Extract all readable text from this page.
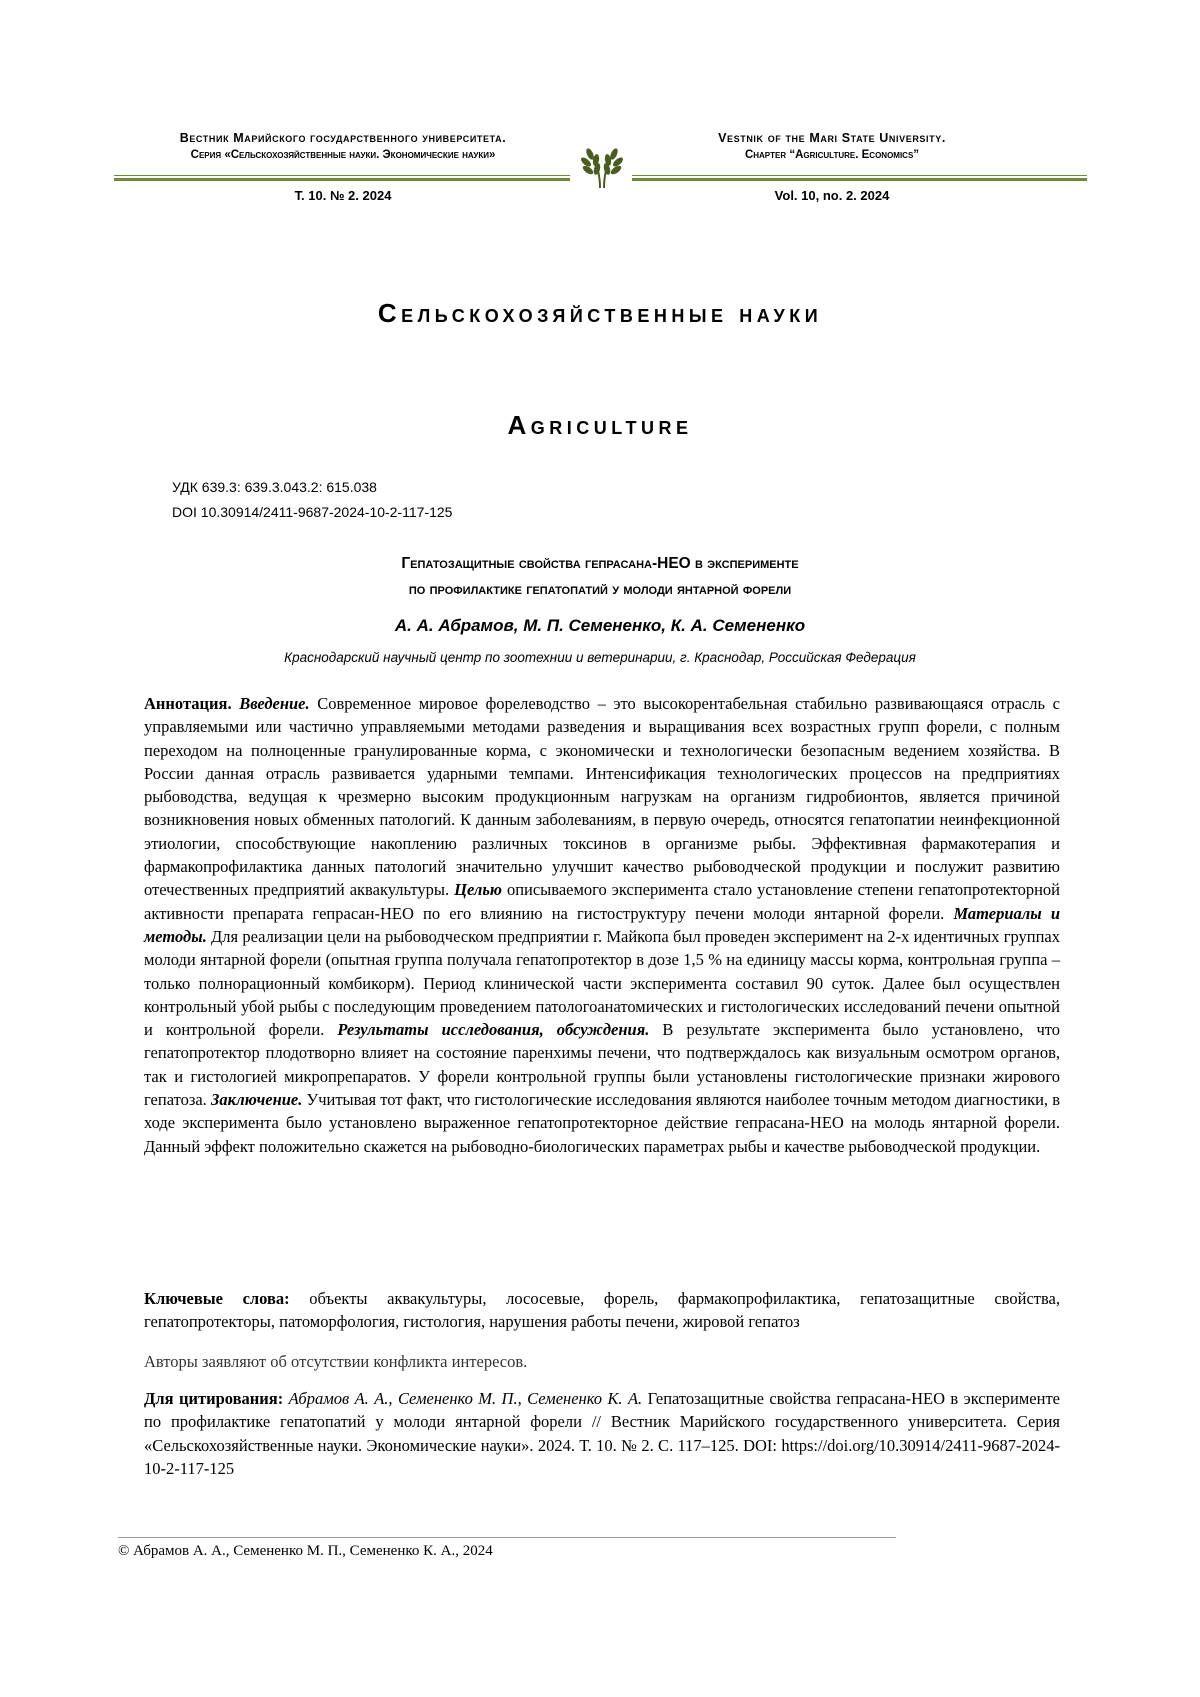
Вестник Марийского государственного университета.
Серия «Сельскохозяйственные науки. Экономические науки»
Vestnik of the Mari State University.
Chapter “Agriculture. Economics”
Т. 10. № 2. 2024	Vol. 10, no. 2. 2024
Сельскохозяйственные науки
Agriculture
УДК 639.3: 639.3.043.2: 615.038
DOI 10.30914/2411-9687-2024-10-2-117-125
Гепатозащитные свойства гепрасана-НЕО в эксперименте
по профилактике гепатопатий у молоди янтарной форели
А. А. Абрамов, М. П. Семененко, К. А. Семененко
Краснодарский научный центр по зоотехнии и ветеринарии, г. Краснодар, Российская Федерация
Аннотация. Введение. Современное мировое форелеводство – это высокорентабельная стабильно развивающаяся отрасль с управляемыми или частично управляемыми методами разведения и выращивания всех возрастных групп форели, с полным переходом на полноценные гранулированные корма, с экономически и технологически безопасным ведением хозяйства. В России данная отрасль развивается ударными темпами. Интенсификация технологических процессов на предприятиях рыбоводства, ведущая к чрезмерно высоким продукционным нагрузкам на организм гидробионтов, является причиной возникновения новых обменных патологий. К данным заболеваниям, в первую очередь, относятся гепатопатии неинфекционной этиологии, способствующие накоплению различных токсинов в организме рыбы. Эффективная фармакотерапия и фармакопрофилактика данных патологий значительно улучшит качество рыбоводческой продукции и послужит развитию отечественных предприятий аквакультуры. Целью описываемого эксперимента стало установление степени гепатопротекторной активности препарата гепрасан-НЕО по его влиянию на гистоструктуру печени молоди янтарной форели. Материалы и методы. Для реализации цели на рыбоводческом предприятии г. Майкопа был проведен эксперимент на 2-х идентичных группах молоди янтарной форели (опытная группа получала гепатопротектор в дозе 1,5 % на единицу массы корма, контрольная группа – только полнорационный комбикорм). Период клинической части эксперимента составил 90 суток. Далее был осуществлен контрольный убой рыбы с последующим проведением патологоанатомических и гистологических исследований печени опытной и контрольной форели. Результаты исследования, обсуждения. В результате эксперимента было установлено, что гепатопротектор плодотворно влияет на состояние паренхимы печени, что подтверждалось как визуальным осмотром органов, так и гистологией микропрепаратов. У форели контрольной группы были установлены гистологические признаки жирового гепатоза. Заключение. Учитывая тот факт, что гистологические исследования являются наиболее точным методом диагностики, в ходе эксперимента было установлено выраженное гепатопротекторное действие гепрасана-НЕО на молодь янтарной форели. Данный эффект положительно скажется на рыбоводно-биологических параметрах рыбы и качестве рыбоводческой продукции.
Ключевые слова: объекты аквакультуры, лососевые, форель, фармакопрофилактика, гепатозащитные свойства, гепатопротекторы, патоморфология, гистология, нарушения работы печени, жировой гепатоз
Авторы заявляют об отсутствии конфликта интересов.
Для цитирования: Абрамов А. А., Семененко М. П., Семененко К. А. Гепатозащитные свойства гепрасана-НЕО в эксперименте по профилактике гепатопатий у молоди янтарной форели // Вестник Марийского государственного университета. Серия «Сельскохозяйственные науки. Экономические науки». 2024. Т. 10. № 2. С. 117–125. DOI: https://doi.org/10.30914/2411-9687-2024-10-2-117-125
© Абрамов А. А., Семененко М. П., Семененко К. А., 2024
